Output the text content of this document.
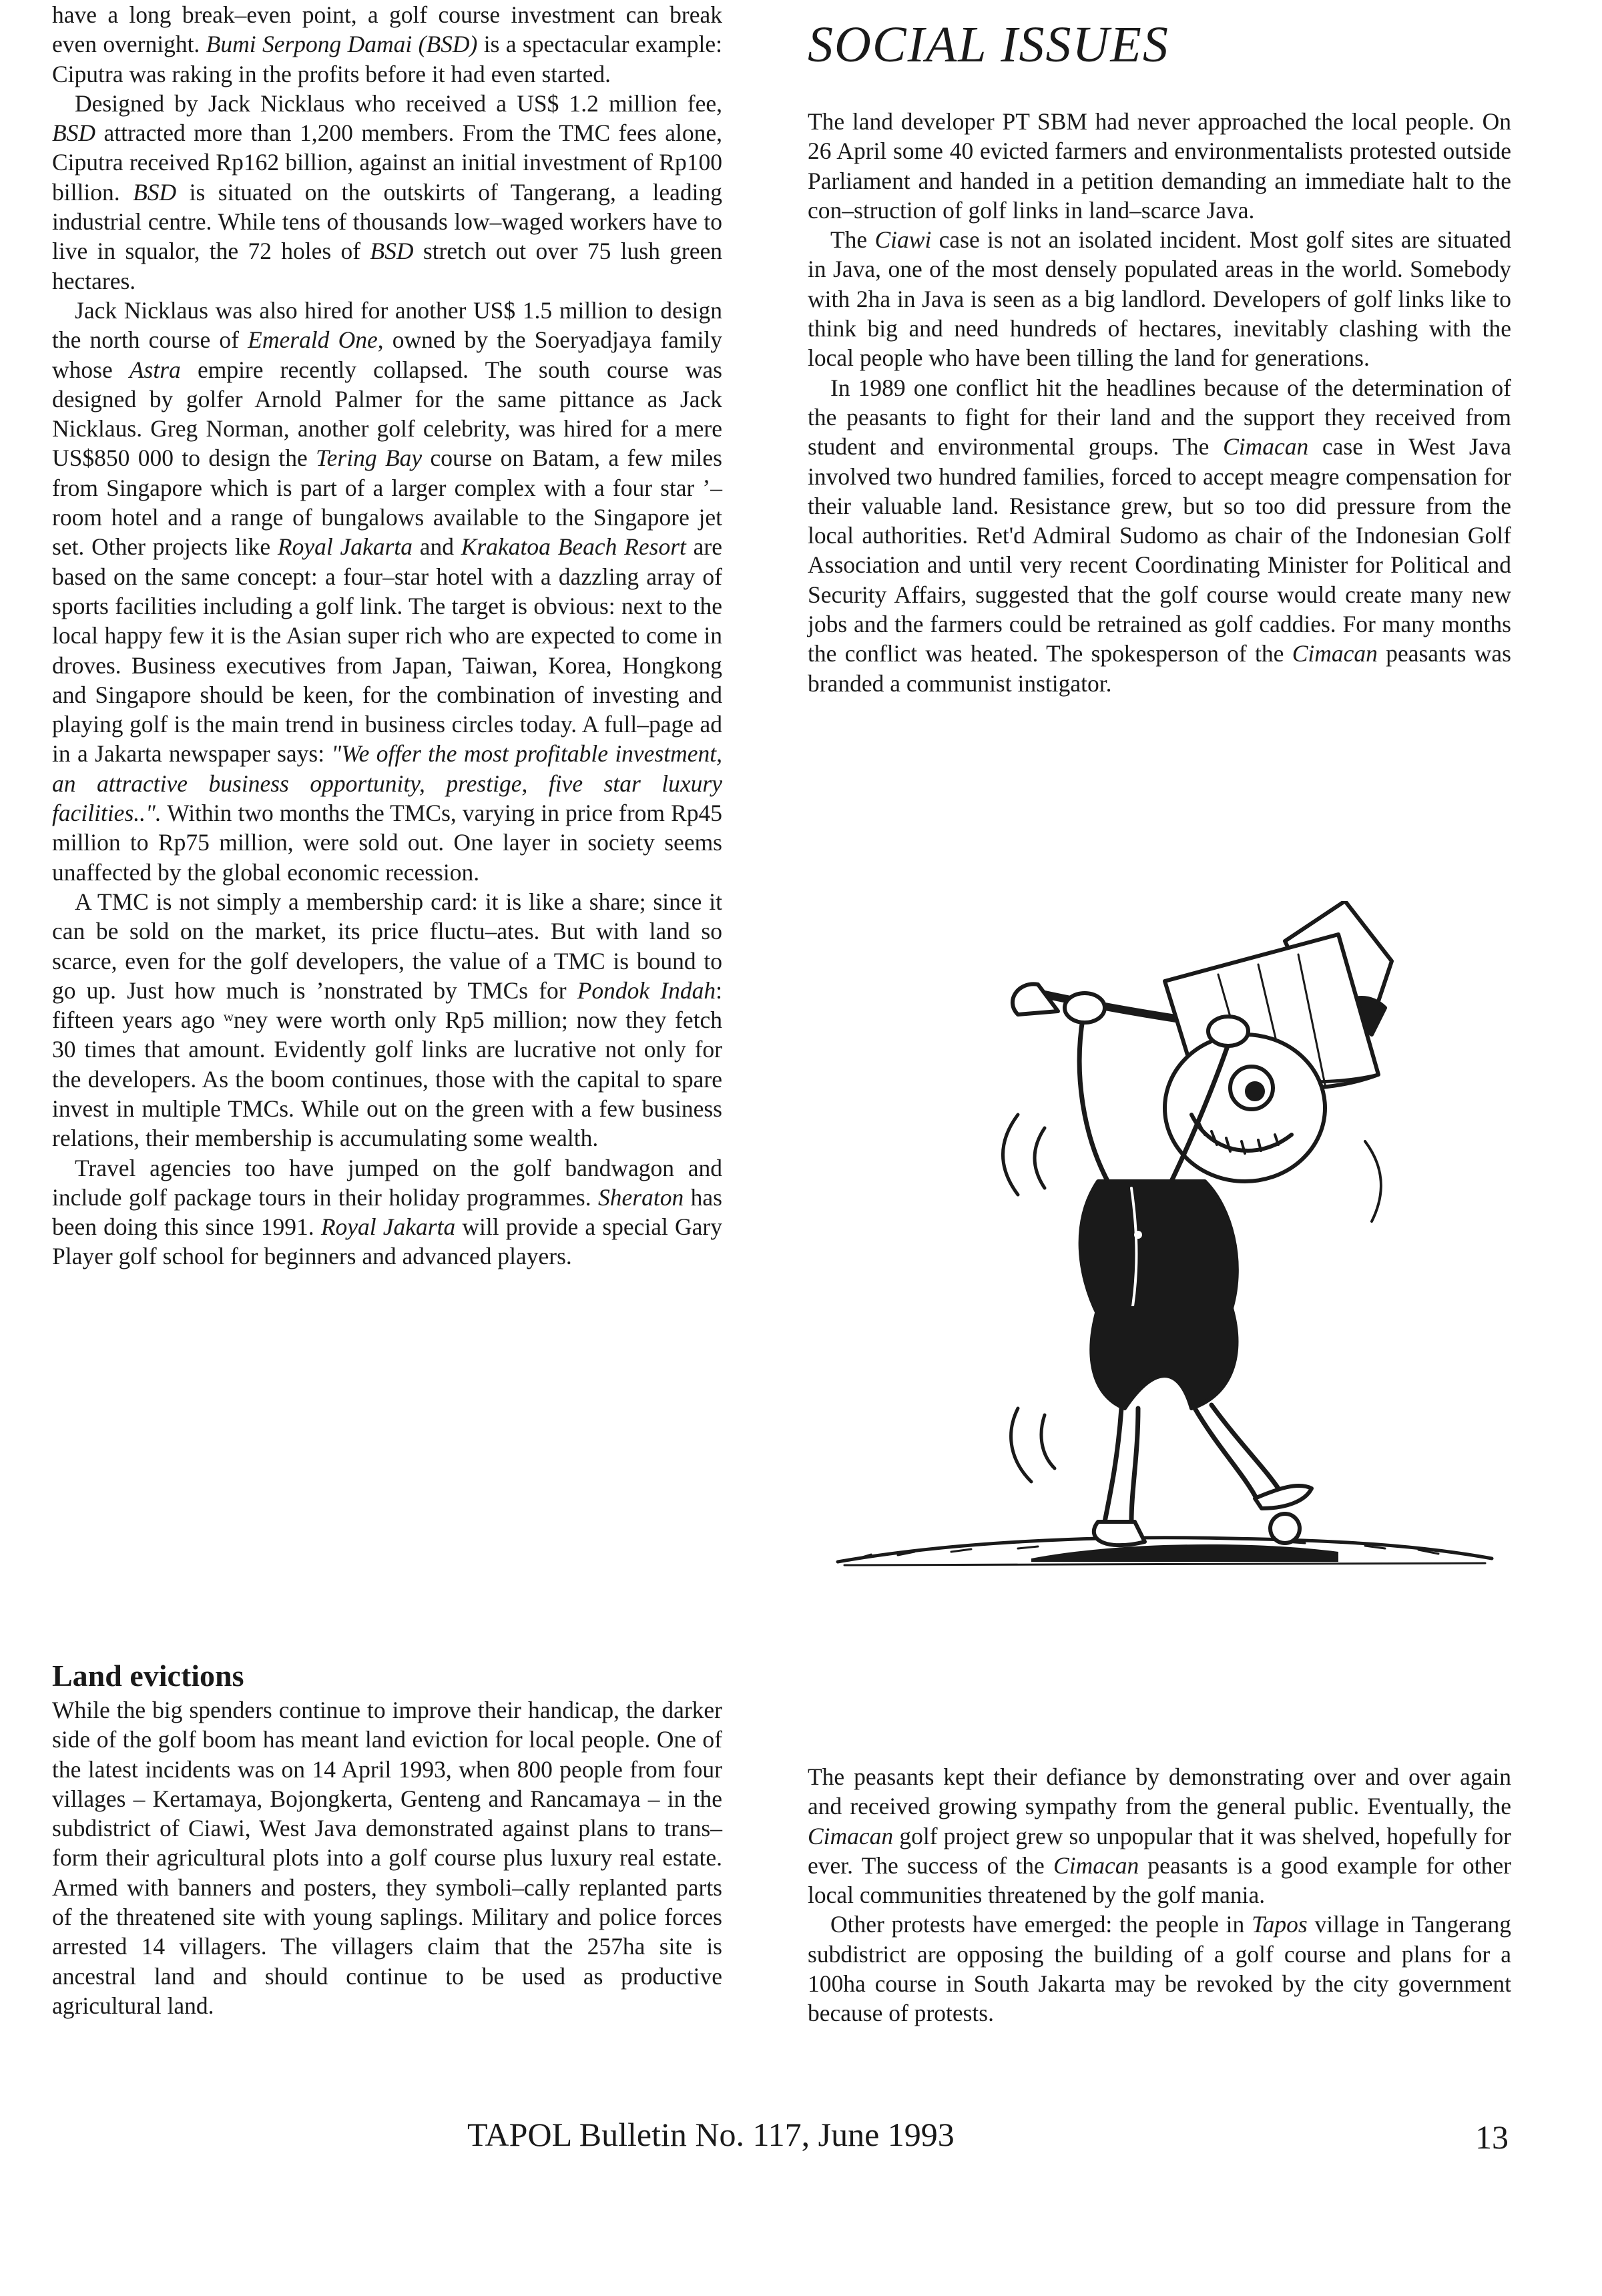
have a long break–even point, a golf course investment can break even overnight. Bumi Serpong Damai (BSD) is a spectacular example: Ciputra was raking in the profits before it had even started.

Designed by Jack Nicklaus who received a US$ 1.2 million fee, BSD attracted more than 1,200 members. From the TMC fees alone, Ciputra received Rp162 billion, against an initial investment of Rp100 billion. BSD is situated on the outskirts of Tangerang, a leading industrial centre. While tens of thousands low–waged workers have to live in squalor, the 72 holes of BSD stretch out over 75 lush green hectares.

Jack Nicklaus was also hired for another US$ 1.5 million to design the north course of Emerald One, owned by the Soeryadjaya family whose Astra empire recently collapsed. The south course was designed by golfer Arnold Palmer for the same pittance as Jack Nicklaus. Greg Norman, another golf celebrity, was hired for a mere US$850 000 to design the Tering Bay course on Batam, a few miles from Singapore which is part of a larger complex with a four star ’–room hotel and a range of bungalows available to the Singapore jet set. Other projects like Royal Jakarta and Krakatoa Beach Resort are based on the same concept: a four–star hotel with a dazzling array of sports facilities including a golf link. The target is obvious: next to the local happy few it is the Asian super rich who are expected to come in droves. Business executives from Japan, Taiwan, Korea, Hongkong and Singapore should be keen, for the combination of investing and playing golf is the main trend in business circles today. A full–page ad in a Jakarta newspaper says: "We offer the most profitable investment, an attractive business opportunity, prestige, five star luxury facilities..". Within two months the TMCs, varying in price from Rp45 million to Rp75 million, were sold out. One layer in society seems unaffected by the global economic recession.

A TMC is not simply a membership card: it is like a share; since it can be sold on the market, its price fluctu–ates. But with land so scarce, even for the golf developers, the value of a TMC is bound to go up. Just how much is ’nonstrated by TMCs for Pondok Indah: fifteen years ago ʷney were worth only Rp5 million; now they fetch 30 times that amount. Evidently golf links are lucrative not only for the developers. As the boom continues, those with the capital to spare invest in multiple TMCs. While out on the green with a few business relations, their membership is accumulating some wealth.

Travel agencies too have jumped on the golf bandwagon and include golf package tours in their holiday programmes. Sheraton has been doing this since 1991. Royal Jakarta will provide a special Gary Player golf school for beginners and advanced players.

Land evictions

While the big spenders continue to improve their handicap, the darker side of the golf boom has meant land eviction for local people. One of the latest incidents was on 14 April 1993, when 800 people from four villages – Kertamaya, Bojongkerta, Genteng and Rancamaya – in the subdistrict of Ciawi, West Java demonstrated against plans to trans–form their agricultural plots into a golf course plus luxury real estate. Armed with banners and posters, they symboli–cally replanted parts of the threatened site with young saplings. Military and police forces arrested 14 villagers. The villagers claim that the 257ha site is ancestral land and should continue to be used as productive agricultural land.

SOCIAL ISSUES

The land developer PT SBM had never approached the local people. On 26 April some 40 evicted farmers and environmentalists protested outside Parliament and handed in a petition demanding an immediate halt to the con–struction of golf links in land–scarce Java.

The Ciawi case is not an isolated incident. Most golf sites are situated in Java, one of the most densely populated areas in the world. Somebody with 2ha in Java is seen as a big landlord. Developers of golf links like to think big and need hundreds of hectares, inevitably clashing with the local people who have been tilling the land for generations.

In 1989 one conflict hit the headlines because of the determination of the peasants to fight for their land and the support they received from student and environmental groups. The Cimacan case in West Java involved two hundred families, forced to accept meagre compensation for their valuable land. Resistance grew, but so too did pressure from the local authorities. Ret'd Admiral Sudomo as chair of the Indonesian Golf Association and until very recent Coordinating Minister for Political and Security Affairs, suggested that the golf course would create many new jobs and the farmers could be retrained as golf caddies. For many months the conflict was heated. The spokesperson of the Cimacan peasants was branded a communist instigator.

The peasants kept their defiance by demonstrating over and over again and received growing sympathy from the general public. Eventually, the Cimacan golf project grew so unpopular that it was shelved, hopefully for ever. The success of the Cimacan peasants is a good example for other local communities threatened by the golf mania.

Other protests have emerged: the people in Tapos village in Tangerang subdistrict are opposing the building of a golf course and plans for a 100ha course in South Jakarta may be revoked by the city government because of protests.

TAPOL Bulletin No. 117, June 1993	13
